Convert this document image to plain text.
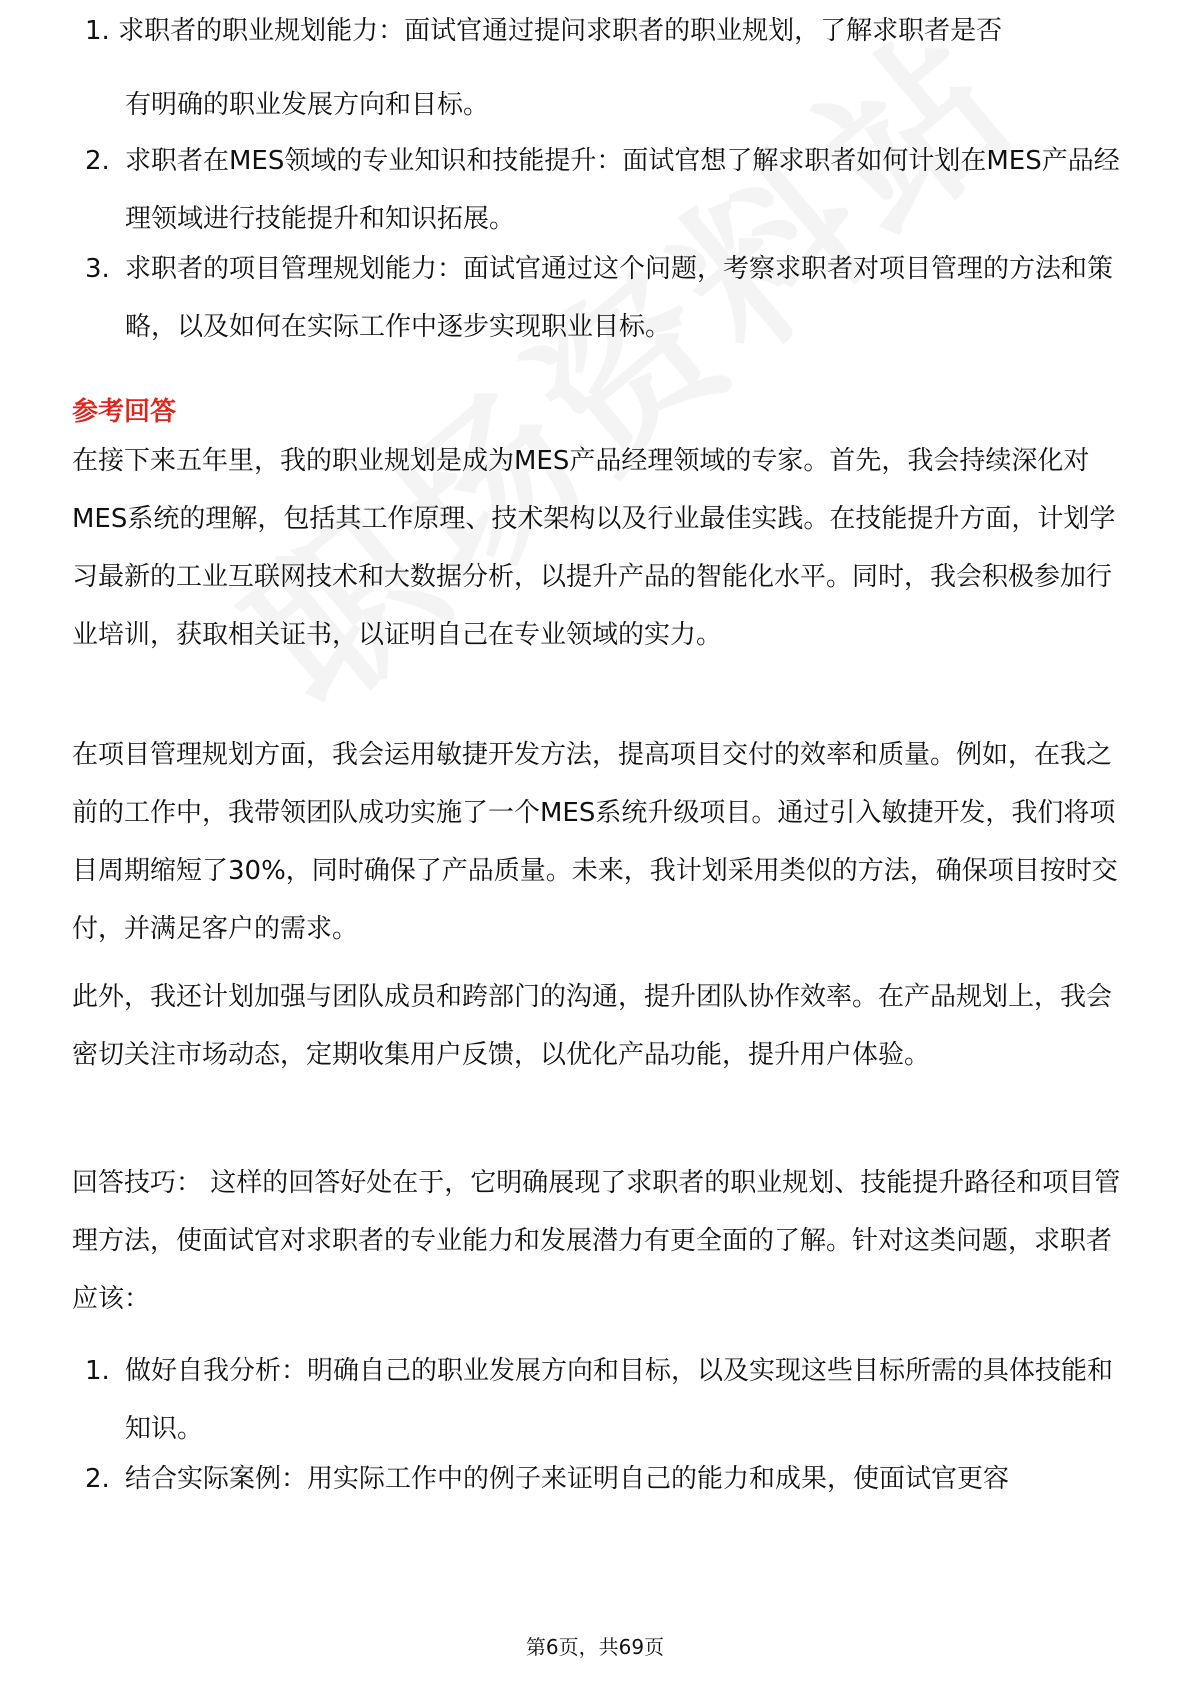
1. 求职者的职业规划能力：面试官通过提问求职者的职业规划，了解求职者是否
有明确的职业发展方向和目标。
2. 求职者在MES领域的专业知识和技能提升：面试官想了解求职者如何计划在MES产品经理领域进行技能提升和知识拓展。
3. 求职者的项目管理规划能力：面试官通过这个问题，考察求职者对项目管理的方法和策略，以及如何在实际工作中逐步实现职业目标。
参考回答

在接下来五年里，我的职业规划是成为MES产品经理领域的专家。首先，我会持续深化对MES系统的理解，包括其工作原理、技术架构以及行业最佳实践。在技能提升方面，计划学习最新的工业互联网技术和大数据分析，以提升产品的智能化水平。同时，我会积极参加行业培训，获取相关证书，以证明自己在专业领域的实力。

在项目管理规划方面，我会运用敏捷开发方法，提高项目交付的效率和质量。例如，在我之前的工作中，我带领团队成功实施了一个MES系统升级项目。通过引入敏捷开发，我们将项目周期缩短了30%，同时确保了产品质量。未来，我计划采用类似的方法，确保项目按时交付，并满足客户的需求。

此外，我还计划加强与团队成员和跨部门的沟通，提升团队协作效率。在产品规划上，我会密切关注市场动态，定期收集用户反馈，以优化产品功能，提升用户体验。

回答技巧： 这样的回答好处在于，它明确展现了求职者的职业规划、技能提升路径和项目管理方法，使面试官对求职者的专业能力和发展潜力有更全面的了解。针对这类问题，求职者应该：

1. 做好自我分析：明确自己的职业发展方向和目标，以及实现这些目标所需的具体技能和知识。
2. 结合实际案例：用实际工作中的例子来证明自己的能力和成果，使面试官更容
第6页，共69页
